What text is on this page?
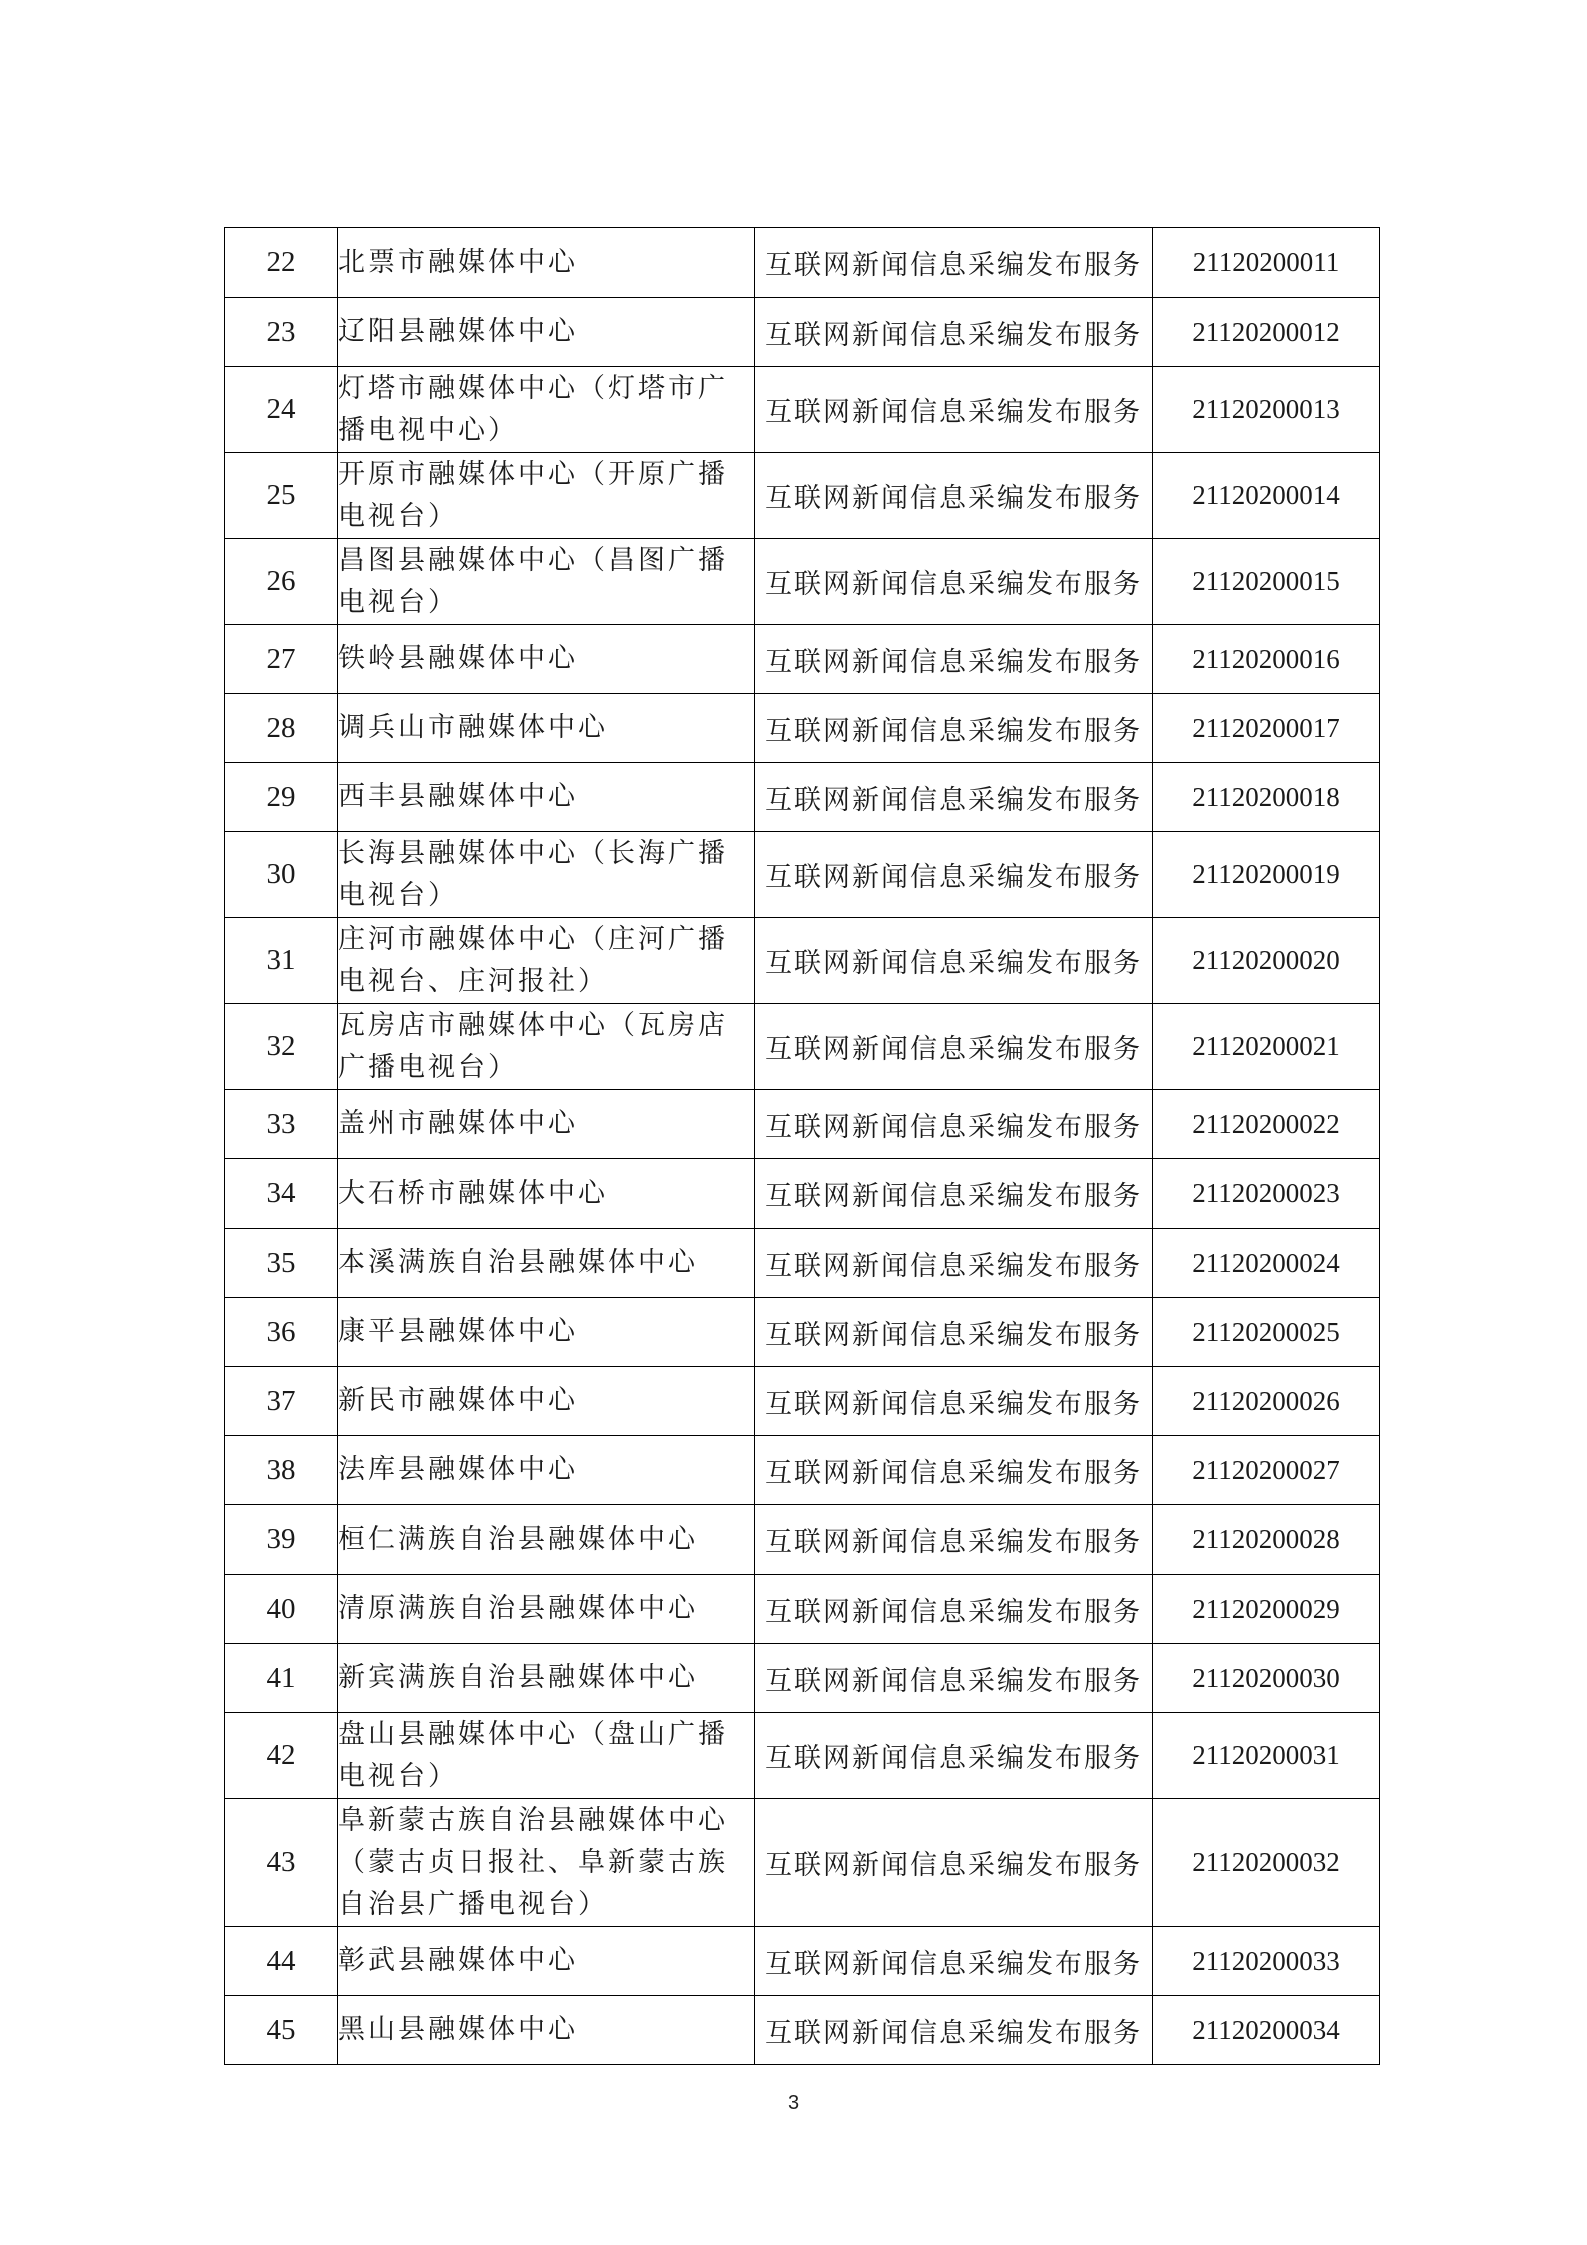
22	北票市融媒体中心	互联网新闻信息采编发布服务	21120200011
23	辽阳县融媒体中心	互联网新闻信息采编发布服务	21120200012
24	灯塔市融媒体中心（灯塔市广播电视中心）	互联网新闻信息采编发布服务	21120200013
25	开原市融媒体中心（开原广播电视台）	互联网新闻信息采编发布服务	21120200014
26	昌图县融媒体中心（昌图广播电视台）	互联网新闻信息采编发布服务	21120200015
27	铁岭县融媒体中心	互联网新闻信息采编发布服务	21120200016
28	调兵山市融媒体中心	互联网新闻信息采编发布服务	21120200017
29	西丰县融媒体中心	互联网新闻信息采编发布服务	21120200018
30	长海县融媒体中心（长海广播电视台）	互联网新闻信息采编发布服务	21120200019
31	庄河市融媒体中心（庄河广播电视台、庄河报社）	互联网新闻信息采编发布服务	21120200020
32	瓦房店市融媒体中心（瓦房店广播电视台）	互联网新闻信息采编发布服务	21120200021
33	盖州市融媒体中心	互联网新闻信息采编发布服务	21120200022
34	大石桥市融媒体中心	互联网新闻信息采编发布服务	21120200023
35	本溪满族自治县融媒体中心	互联网新闻信息采编发布服务	21120200024
36	康平县融媒体中心	互联网新闻信息采编发布服务	21120200025
37	新民市融媒体中心	互联网新闻信息采编发布服务	21120200026
38	法库县融媒体中心	互联网新闻信息采编发布服务	21120200027
39	桓仁满族自治县融媒体中心	互联网新闻信息采编发布服务	21120200028
40	清原满族自治县融媒体中心	互联网新闻信息采编发布服务	21120200029
41	新宾满族自治县融媒体中心	互联网新闻信息采编发布服务	21120200030
42	盘山县融媒体中心（盘山广播电视台）	互联网新闻信息采编发布服务	21120200031
43	阜新蒙古族自治县融媒体中心（蒙古贞日报社、阜新蒙古族自治县广播电视台）	互联网新闻信息采编发布服务	21120200032
44	彰武县融媒体中心	互联网新闻信息采编发布服务	21120200033
45	黑山县融媒体中心	互联网新闻信息采编发布服务	21120200034
3
